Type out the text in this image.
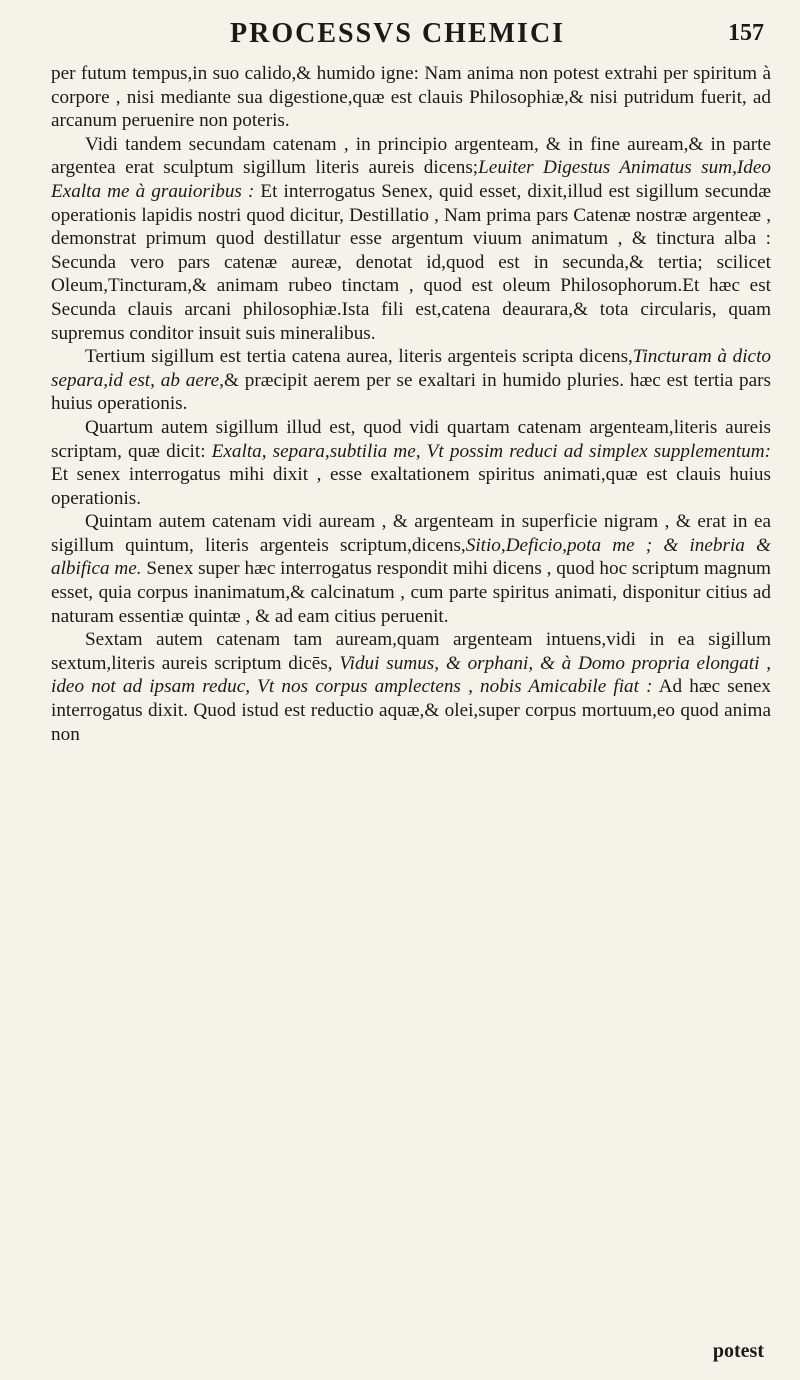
PROCESSVS CHEMICI	157

per futum tempus,in suo calido,& humido igne: Nam anima non potest extrahi per spiritum à corpore , nisi mediante sua digestione,quæ est clauis Philosophiæ,& nisi putridum fuerit, ad arcanum peruenire non poteris.

Vidi tandem secundam catenam , in principio argenteam, & in fine auream,& in parte argentea erat sculptum sigillum literis aureis dicens;Leuiter Digestus Animatus sum,Ideo Exalta me à grauioribus : Et interrogatus Senex, quid esset, dixit,illud est sigillum secundæ operationis lapidis nostri quod dicitur, Destillatio , Nam prima pars Catenæ nostræ argenteæ , demonstrat primum quod destillatur esse argentum viuum animatum , & tinctura alba : Secunda vero pars catenæ aureæ, denotat id,quod est in secunda,& tertia; scilicet Oleum,Tincturam,& animam rubeo tinctam , quod est oleum Philosophorum.Et hæc est Secunda clauis arcani philosophiæ.Ista fili est,catena deaurara,& tota circularis, quam supremus conditor insuit suis mineralibus.

Tertium sigillum est tertia catena aurea, literis argenteis scripta dicens,Tincturam à dicto separa,id est, ab aere,& præcipit aerem per se exaltari in humido pluries. hæc est tertia pars huius operationis.

Quartum autem sigillum illud est, quod vidi quartam catenam argenteam,literis aureis scriptam, quæ dicit: Exalta, separa,subtilia me, Vt possim reduci ad simplex supplementum: Et senex interrogatus mihi dixit , esse exaltationem spiritus animati,quæ est clauis huius operationis.

Quintam autem catenam vidi auream , & argenteam in superficie nigram , & erat in ea sigillum quintum, literis argenteis scriptum,dicens,Sitio,Deficio,pota me ; & inebria & albifica me. Senex super hæc interrogatus respondit mihi dicens , quod hoc scriptum magnum esset, quia corpus inanimatum,& calcinatum , cum parte spiritus animati, disponitur citius ad naturam essentiæ quintæ , & ad eam citius peruenit.

Sextam autem catenam tam auream,quam argenteam intuens,vidi in ea sigillum sextum,literis aureis scriptum dicēs, Vidui sumus, & orphani, & à Domo propria elongati , ideo not ad ipsam reduc, Vt nos corpus amplectens , nobis Amicabile fiat : Ad hæc senex interrogatus dixit. Quod istud est reductio aquæ,& olei,super corpus mortuum,eo quod anima non

potest
